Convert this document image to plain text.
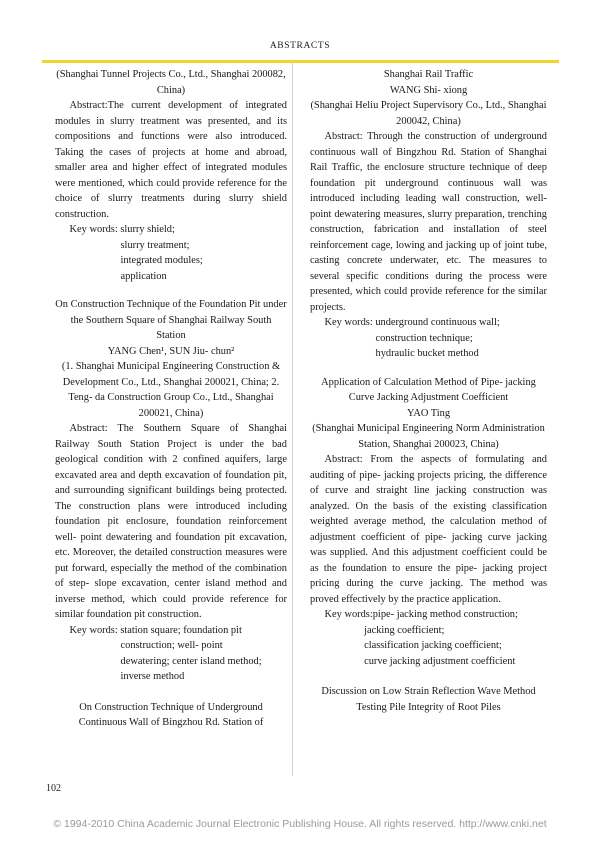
ABSTRACTS

(Shanghai Tunnel Projects Co., Ltd., Shanghai 200082, China)

Abstract:The current development of integrated modules in slurry treatment was presented, and its compositions and functions were also introduced. Taking the cases of projects at home and abroad, smaller area and higher effect of integrated modules were mentioned, which could provide reference for the choice of slurry treatments during slurry shield construction.

Key words: slurry shield;

slurry treatment;

integrated modules;

application

On Construction Technique of the Foundation Pit under the Southern Square of Shanghai Railway South Station

YANG Chen¹, SUN Jiu- chun²

(1. Shanghai Municipal Engineering Construction & Development Co., Ltd., Shanghai 200021, China; 2. Teng- da Construction Group Co., Ltd., Shanghai 200021, China)

Abstract: The Southern Square of Shanghai Railway South Station Project is under the bad geological condition with 2 confined aquifers, large excavated area and depth excavation of foundation pit, and surrounding significant buildings being protected. The construction plans were introduced including foundation pit enclosure, foundation reinforcement well- point dewatering and foundation pit excavation, etc. Moreover, the detailed construction measures were put forward, especially the method of the combination of step- slope excavation, center island method and inverse method, which could provide reference for similar foundation pit construction.

Key words: station square; foundation pit

construction; well- point

dewatering; center island method;

inverse method

On Construction Technique of Underground Continuous Wall of Bingzhou Rd. Station of

Shanghai Rail Traffic

WANG Shi- xiong

(Shanghai Heliu Project Supervisory Co., Ltd., Shanghai 200042, China)

Abstract: Through the construction of underground continuous wall of Bingzhou Rd. Station of Shanghai Rail Traffic, the enclosure structure technique of deep foundation pit underground continuous wall was introduced including leading wall construction, well- point dewatering measures, slurry preparation, trenching construction, fabrication and installation of steel reinforcement cage, lowing and jacking up of joint tube, casting concrete underwater, etc. The measures to several specific conditions during the process were presented, which could provide reference for the similar projects.

Key words: underground continuous wall;

construction technique;

hydraulic bucket method

Application of Calculation Method of Pipe- jacking Curve Jacking Adjustment Coefficient

YAO Ting

(Shanghai Municipal Engineering Norm Administration Station, Shanghai 200023, China)

Abstract: From the aspects of formulating and auditing of pipe- jacking projects pricing, the difference of curve and straight line jacking construction was analyzed. On the basis of the existing classification weighted average method, the calculation method of adjustment coefficient of pipe- jacking curve jacking was supplied. And this adjustment coefficient could be as the foundation to ensure the pipe- jacking project pricing during the curve jacking. The method was proved effectively by the practice application.

Key words:pipe- jacking method construction;

jacking coefficient;

classification jacking coefficient;

curve jacking adjustment coefficient

Discussion on Low Strain Reflection Wave Method Testing Pile Integrity of Root Piles

102
© 1994-2010 China Academic Journal Electronic Publishing House. All rights reserved. http://www.cnki.net
